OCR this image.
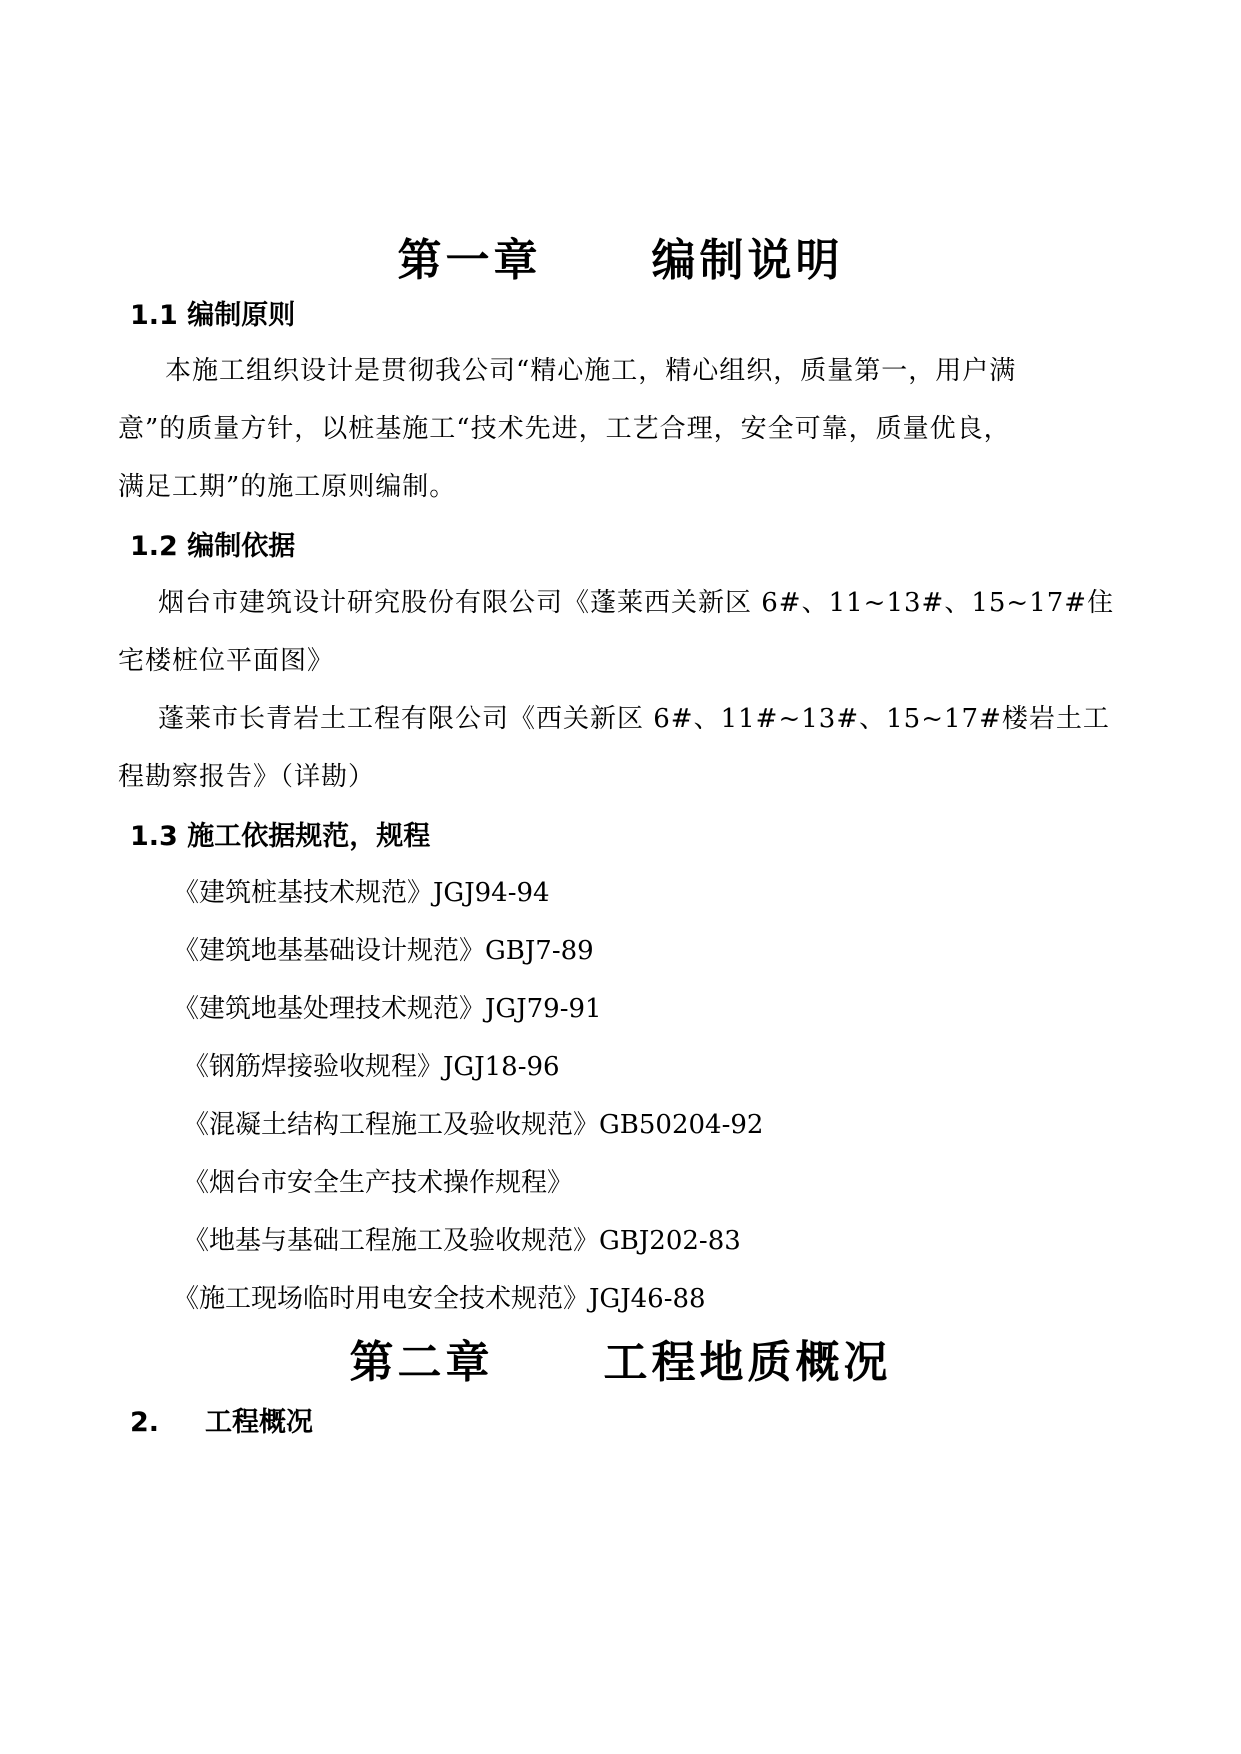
第一章	编制说明
1.1 编制原则
本施工组织设计是贯彻我公司“精心施工，精心组织，质量第一，用户满
意”的质量方针，以桩基施工“技术先进，工艺合理，安全可靠，质量优良，
满足工期”的施工原则编制。
1.2 编制依据
烟台市建筑设计研究股份有限公司《蓬莱西关新区 6#、11~13#、15~17#住
宅楼桩位平面图》
蓬莱市长青岩土工程有限公司《西关新区 6#、11#~13#、15~17#楼岩土工
程勘察报告》（详勘）
1.3 施工依据规范，规程
《建筑桩基技术规范》JGJ94-94
《建筑地基基础设计规范》GBJ7-89
《建筑地基处理技术规范》JGJ79-91
《钢筋焊接验收规程》JGJ18-96
《混凝土结构工程施工及验收规范》GB50204-92
《烟台市安全生产技术操作规程》
《地基与基础工程施工及验收规范》GBJ202-83
《施工现场临时用电安全技术规范》JGJ46-88
第二章	工程地质概况
2. 工程概况
